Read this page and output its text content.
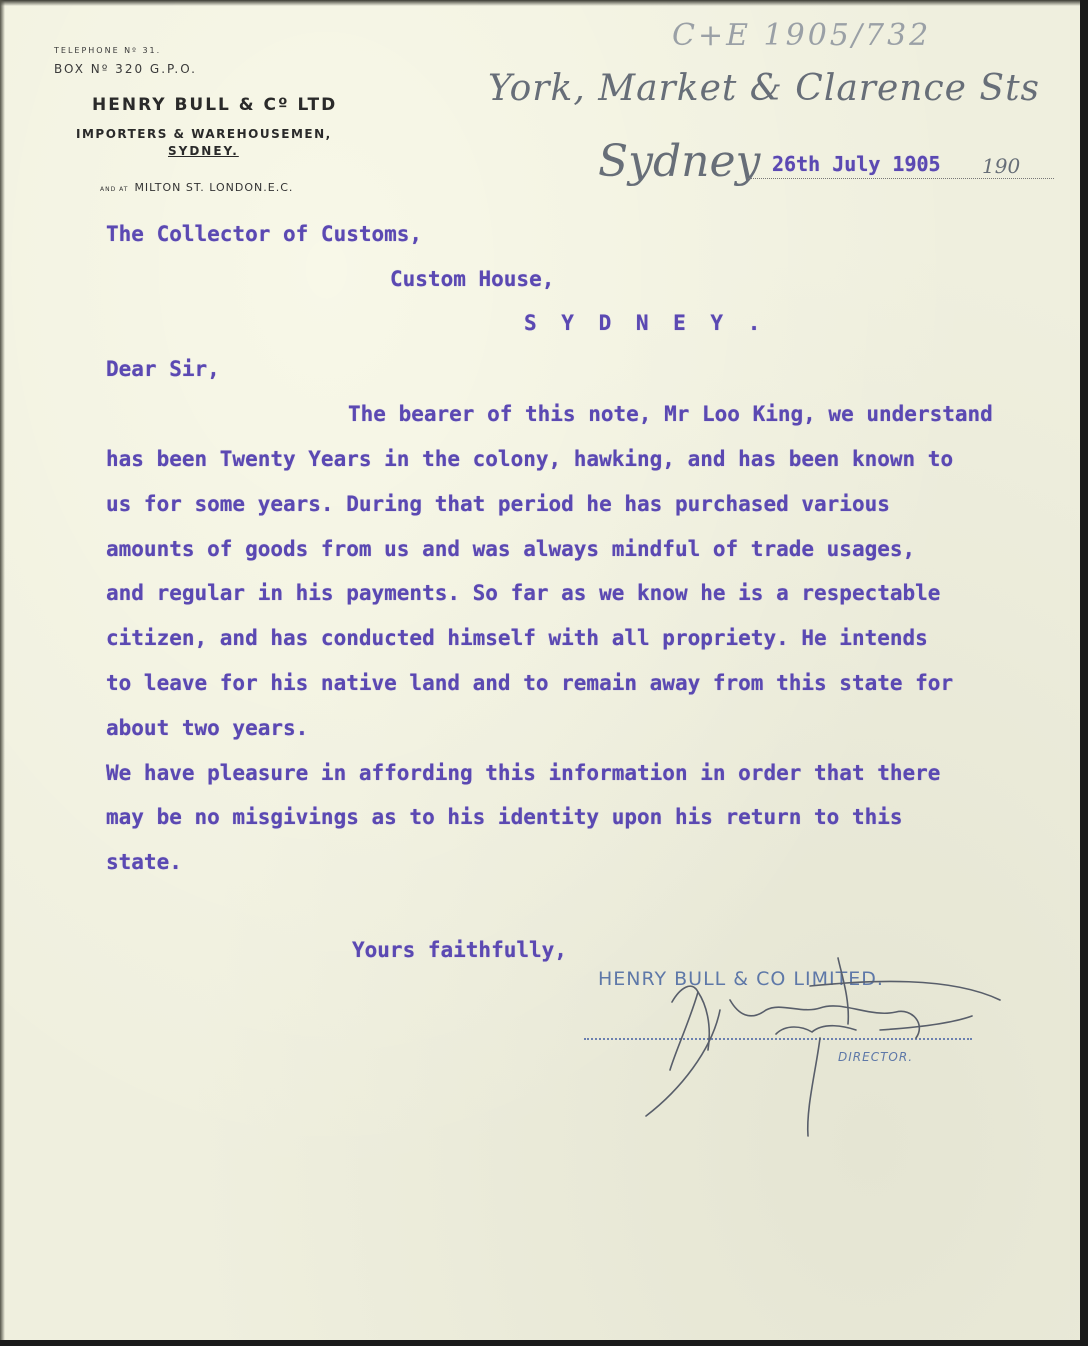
TELEPHONE Nº 31.
BOX Nº 320 G.P.O.
HENRY BULL & Cº LTD
IMPORTERS & WAREHOUSEMEN,
SYDNEY.
AND AT MILTON ST. LONDON.E.C.
C+E 1905/732
York, Market & Clarence Sts
Sydney 26th July 1905 190
The Collector of Customs,
Custom House,
S Y D N E Y .
Dear Sir,
The bearer of this note, Mr Loo King, we understand
has been Twenty Years in the colony, hawking, and has been known to
us for some years. During that period he has purchased various
amounts of goods from us and was always mindful of trade usages,
and regular in his payments. So far as we know he is a respectable
citizen, and has conducted himself with all propriety. He intends
to leave for his native land and to remain away from this state for
about two years.
We have pleasure in affording this information in order that there
may be no misgivings as to his identity upon his return to this
state.
Yours faithfully,
HENRY BULL & CO LIMITED.
DIRECTOR.
